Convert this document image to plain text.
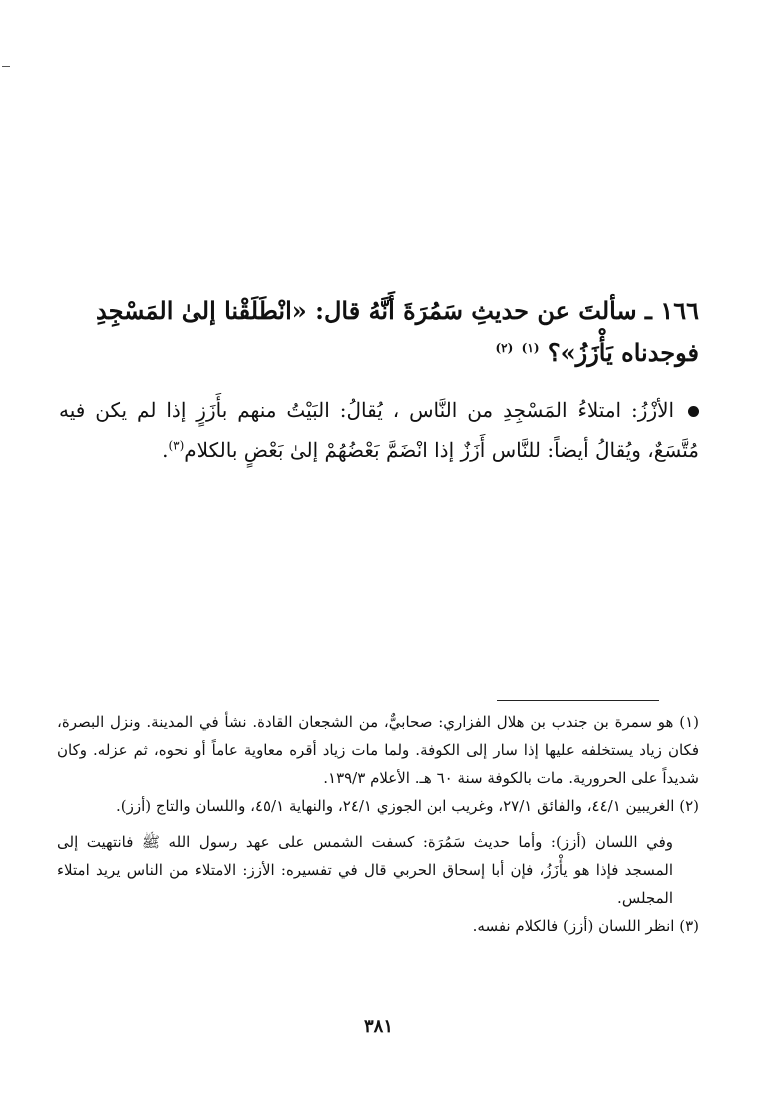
١٦٦ ـ سألتَ عن حديثِ سَمُرَةَ أَنَّهُ قال: «انْطَلَقْنا إلىٰ المَسْجِدِ فوجدناه يَأْزَزُ»؟ $^{(١)}$ $^{(٢)}$

الأزْزُ: امتلاءُ المَسْجِدِ من النَّاس ، يُقالُ: البَيْتُ منهم بأَزَزٍ إذا لم يكن فيه مُتَّسَعٌ، ويُقالُ أيضاً: للنَّاس أَزَزٌ إذا انْضَمَّ بَعْضُهُمْ إلىٰ بَعْضٍ بالكلام$^{(٣)}$.

(١) هو سمرة بن جندب بن هلال الفزاري: صحابيٌّ، من الشجعان القادة. نشأ في المدينة. ونزل البصرة، فكان زياد يستخلفه عليها إذا سار إلى الكوفة. ولما مات زياد أقره معاوية عاماً أو نحوه، ثم عزله. وكان شديداً على الحرورية. مات بالكوفة سنة ٦٠ هـ. الأعلام ١٣٩/٣.

(٢) الغريبين ٤٤/١، والفائق ٢٧/١، وغريب ابن الجوزي ٢٤/١، والنهاية ٤٥/١، واللسان والتاج (أزز).

وفي اللسان (أزز): وأما حديث سَمُرَة: كسفت الشمس على عهد رسول الله ﷺ فانتهيت إلى المسجد فإذا هو يأْزَزُ، فإن أبا إسحاق الحربي قال في تفسيره: الأزز: الامتلاء من الناس يريد امتلاء المجلس.

(٣) انظر اللسان (أزز) فالكلام نفسه.

٣٨١
